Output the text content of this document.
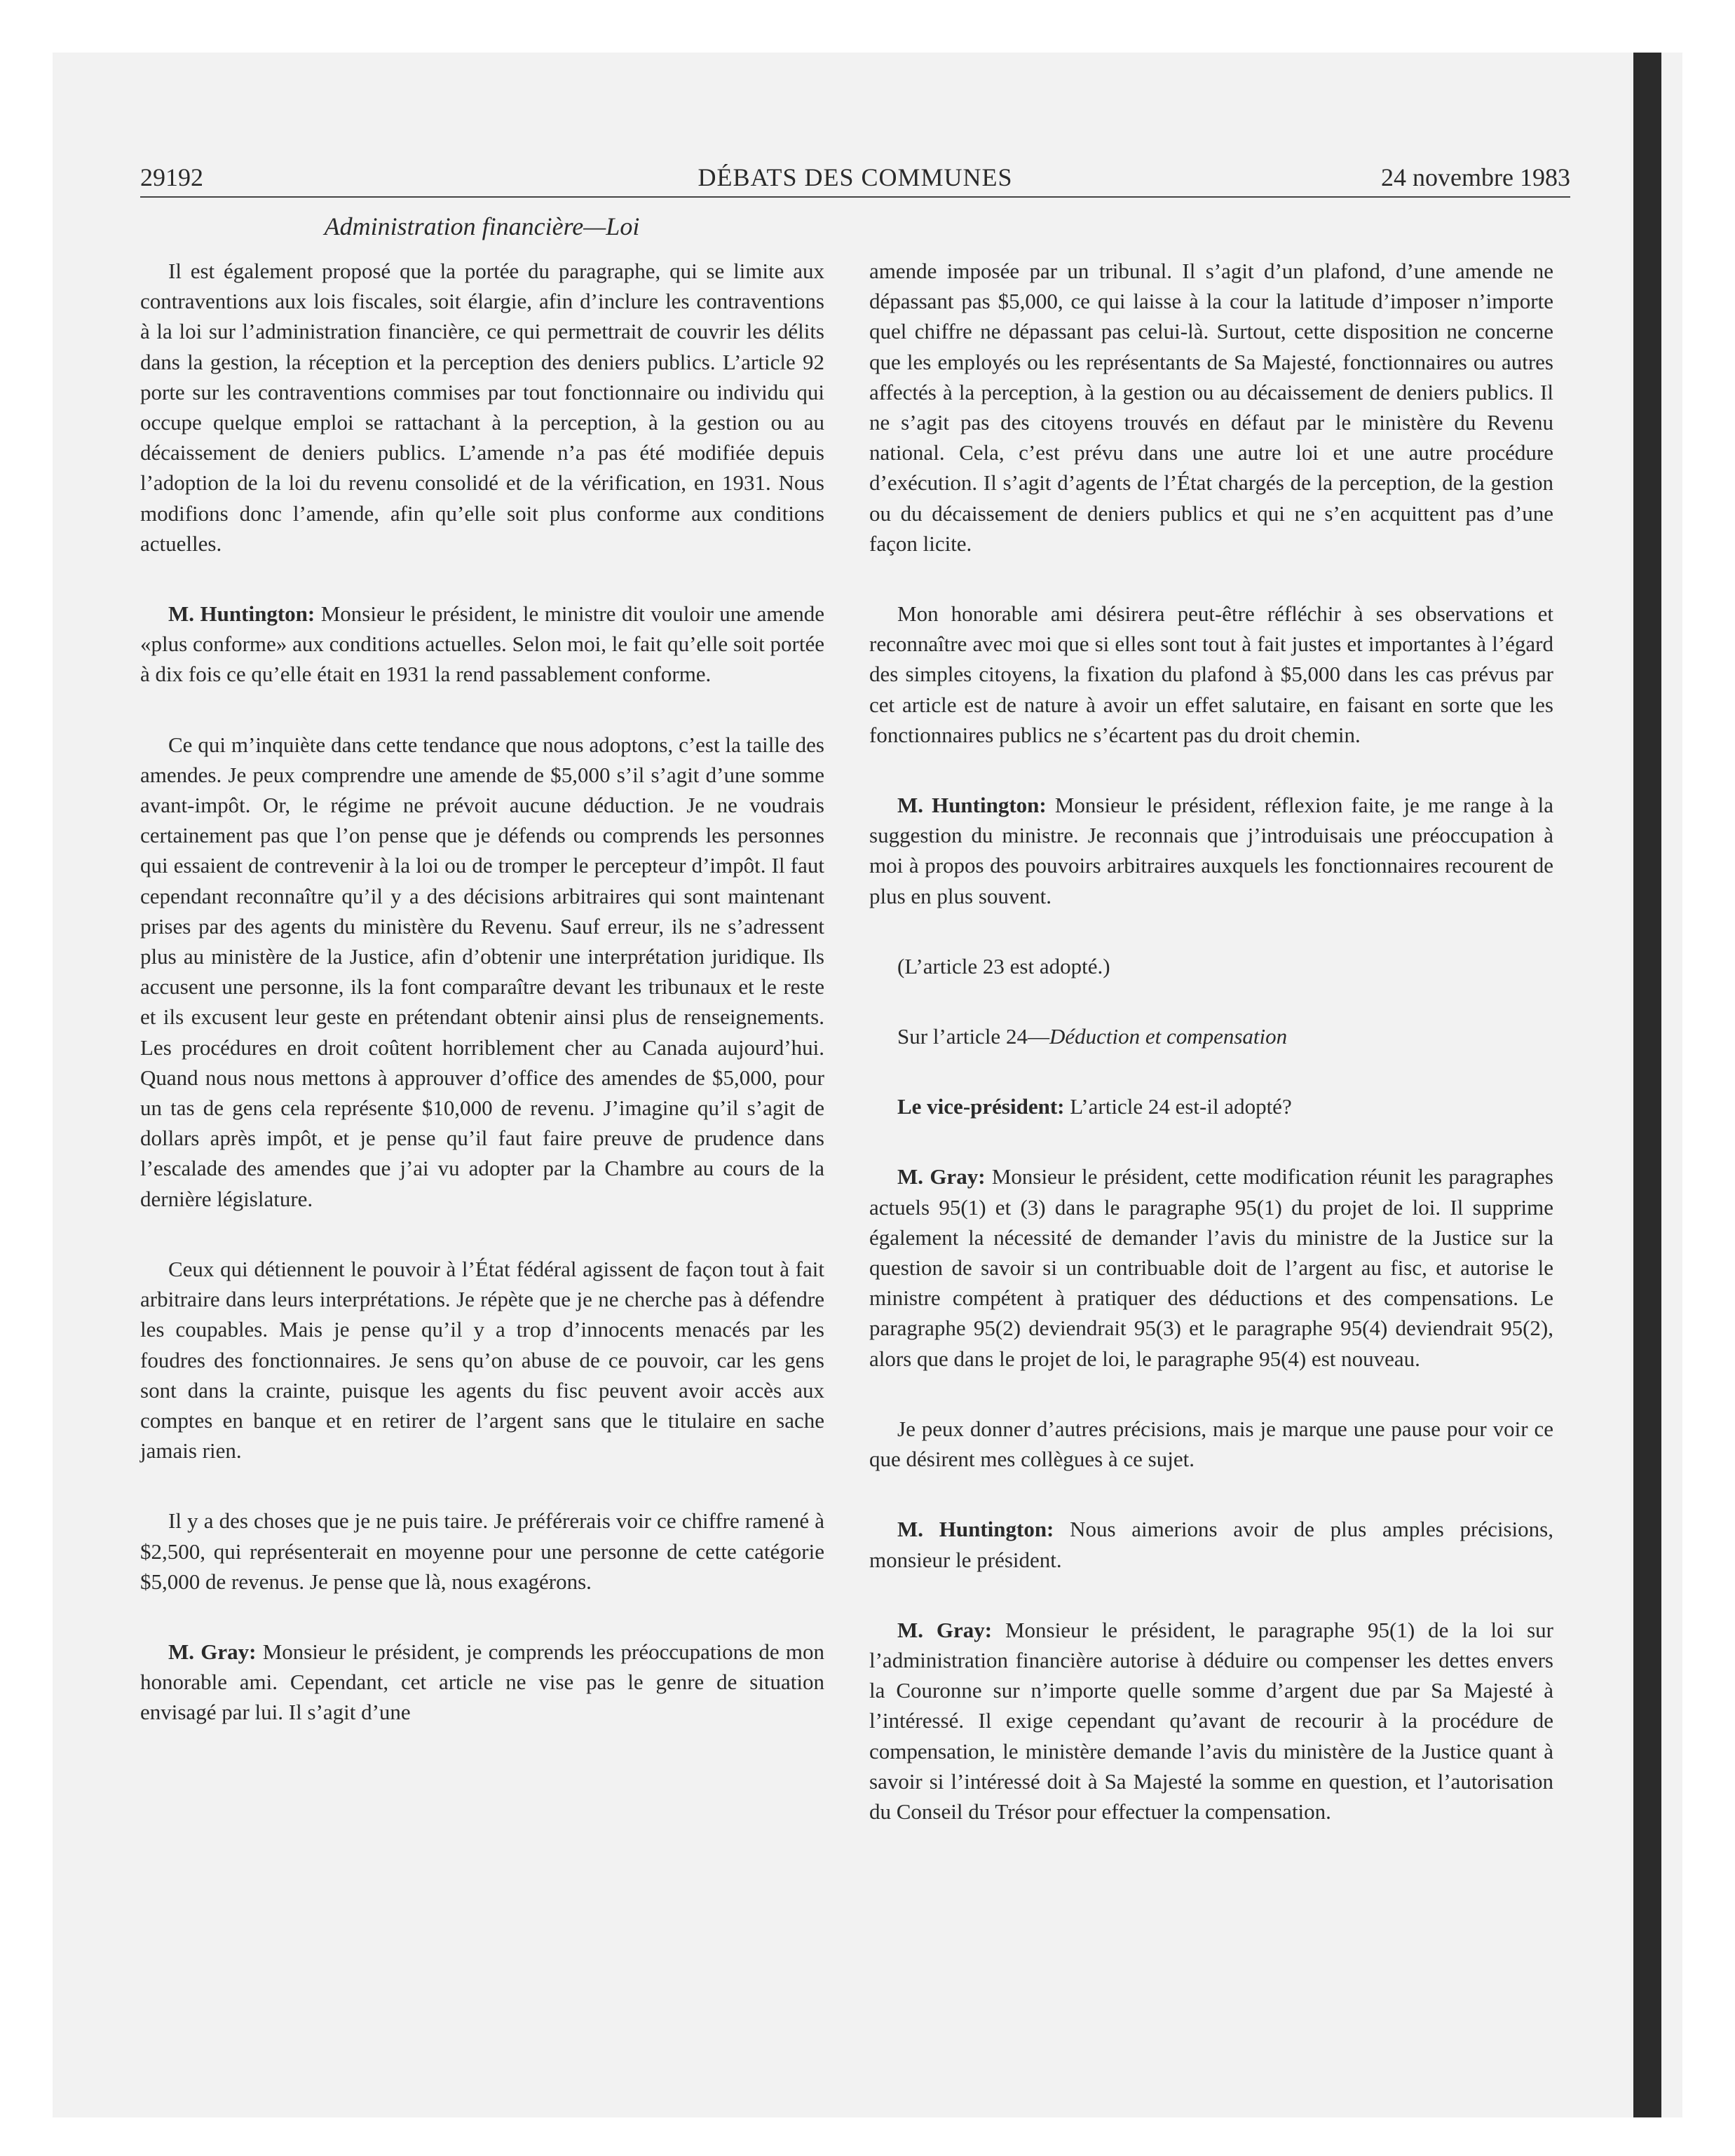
29192	DÉBATS DES COMMUNES	24 novembre 1983
Administration financière—Loi

Il est également proposé que la portée du paragraphe, qui se limite aux contraventions aux lois fiscales, soit élargie, afin d’inclure les contraventions à la loi sur l’administration financière, ce qui permettrait de couvrir les délits dans la gestion, la réception et la perception des deniers publics. L’article 92 porte sur les contraventions commises par tout fonctionnaire ou individu qui occupe quelque emploi se rattachant à la perception, à la gestion ou au décaissement de deniers publics. L’amende n’a pas été modifiée depuis l’adoption de la loi du revenu consolidé et de la vérification, en 1931. Nous modifions donc l’amende, afin qu’elle soit plus conforme aux conditions actuelles.

M. Huntington: Monsieur le président, le ministre dit vouloir une amende «plus conforme» aux conditions actuelles. Selon moi, le fait qu’elle soit portée à dix fois ce qu’elle était en 1931 la rend passablement conforme.

Ce qui m’inquiète dans cette tendance que nous adoptons, c’est la taille des amendes. Je peux comprendre une amende de $5,000 s’il s’agit d’une somme avant-impôt. Or, le régime ne prévoit aucune déduction. Je ne voudrais certainement pas que l’on pense que je défends ou comprends les personnes qui essaient de contrevenir à la loi ou de tromper le percepteur d’impôt. Il faut cependant reconnaître qu’il y a des décisions arbitraires qui sont maintenant prises par des agents du ministère du Revenu. Sauf erreur, ils ne s’adressent plus au ministère de la Justice, afin d’obtenir une interprétation juridique. Ils accusent une personne, ils la font comparaître devant les tribunaux et le reste et ils excusent leur geste en prétendant obtenir ainsi plus de renseignements. Les procédures en droit coûtent horriblement cher au Canada aujourd’hui. Quand nous nous mettons à approuver d’office des amendes de $5,000, pour un tas de gens cela représente $10,000 de revenu. J’imagine qu’il s’agit de dollars après impôt, et je pense qu’il faut faire preuve de prudence dans l’escalade des amendes que j’ai vu adopter par la Chambre au cours de la dernière législature.

Ceux qui détiennent le pouvoir à l’État fédéral agissent de façon tout à fait arbitraire dans leurs interprétations. Je répète que je ne cherche pas à défendre les coupables. Mais je pense qu’il y a trop d’innocents menacés par les foudres des fonctionnaires. Je sens qu’on abuse de ce pouvoir, car les gens sont dans la crainte, puisque les agents du fisc peuvent avoir accès aux comptes en banque et en retirer de l’argent sans que le titulaire en sache jamais rien.

Il y a des choses que je ne puis taire. Je préférerais voir ce chiffre ramené à $2,500, qui représenterait en moyenne pour une personne de cette catégorie $5,000 de revenus. Je pense que là, nous exagérons.

M. Gray: Monsieur le président, je comprends les préoccupations de mon honorable ami. Cependant, cet article ne vise pas le genre de situation envisagé par lui. Il s’agit d’une

amende imposée par un tribunal. Il s’agit d’un plafond, d’une amende ne dépassant pas $5,000, ce qui laisse à la cour la latitude d’imposer n’importe quel chiffre ne dépassant pas celui-là. Surtout, cette disposition ne concerne que les employés ou les représentants de Sa Majesté, fonctionnaires ou autres affectés à la perception, à la gestion ou au décaissement de deniers publics. Il ne s’agit pas des citoyens trouvés en défaut par le ministère du Revenu national. Cela, c’est prévu dans une autre loi et une autre procédure d’exécution. Il s’agit d’agents de l’État chargés de la perception, de la gestion ou du décaissement de deniers publics et qui ne s’en acquittent pas d’une façon licite.

Mon honorable ami désirera peut-être réfléchir à ses observations et reconnaître avec moi que si elles sont tout à fait justes et importantes à l’égard des simples citoyens, la fixation du plafond à $5,000 dans les cas prévus par cet article est de nature à avoir un effet salutaire, en faisant en sorte que les fonctionnaires publics ne s’écartent pas du droit chemin.

M. Huntington: Monsieur le président, réflexion faite, je me range à la suggestion du ministre. Je reconnais que j’introduisais une préoccupation à moi à propos des pouvoirs arbitraires auxquels les fonctionnaires recourent de plus en plus souvent.

(L’article 23 est adopté.)

Sur l’article 24—Déduction et compensation

Le vice-président: L’article 24 est-il adopté?

M. Gray: Monsieur le président, cette modification réunit les paragraphes actuels 95(1) et (3) dans le paragraphe 95(1) du projet de loi. Il supprime également la nécessité de demander l’avis du ministre de la Justice sur la question de savoir si un contribuable doit de l’argent au fisc, et autorise le ministre compétent à pratiquer des déductions et des compensations. Le paragraphe 95(2) deviendrait 95(3) et le paragraphe 95(4) deviendrait 95(2), alors que dans le projet de loi, le paragraphe 95(4) est nouveau.

Je peux donner d’autres précisions, mais je marque une pause pour voir ce que désirent mes collègues à ce sujet.

M. Huntington: Nous aimerions avoir de plus amples précisions, monsieur le président.

M. Gray: Monsieur le président, le paragraphe 95(1) de la loi sur l’administration financière autorise à déduire ou compenser les dettes envers la Couronne sur n’importe quelle somme d’argent due par Sa Majesté à l’intéressé. Il exige cependant qu’avant de recourir à la procédure de compensation, le ministère demande l’avis du ministère de la Justice quant à savoir si l’intéressé doit à Sa Majesté la somme en question, et l’autorisation du Conseil du Trésor pour effectuer la compensation.
